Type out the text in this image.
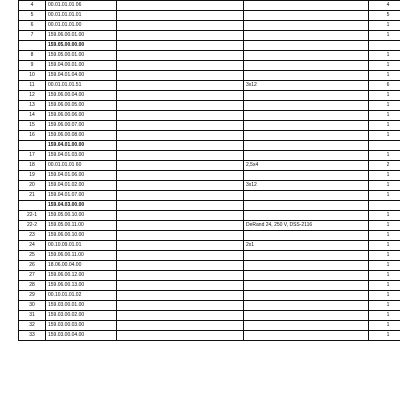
4	00.01.01.01 06			4
5	00.01.01.01.01			5
6	00.01.01.01.00			1
7	159.06.00.01.00			1
	159.05.00.00.00			
8	159.05.00.01.00			1
9	159.04.00.01.00			1
10	159.04.01.04.00			1
11	00.01.01.01.51		3x12	6
12	159.06.00.04.00			1
13	159.06.00.05.00			1
14	159.06.00.06.00			1
15	159.06.00.07.00			1
16	159.06.00.08.00			1
	159.04.01.00.00			
17	159.04.01.03.00			1
18	00.01.01.01 60		2,5x4	2
19	159.04.01.06.00			1
20	159.04.01.02.00		3x12	1
21	159.04.01.07.00			1
	159.04.03.00.00			
22-1	159.05.00.10.00			1
22-2	159.05.00.11.00		DeRand 24, 250 V, DSS-2116	1
23	159.06.00.10.00			1
24	00.10.09.01.01		2x1	1
25	159.06.00.11.00			1
26	18.06.00.04.00			1
27	159.06.00.12.00			1
28	159.06.00.13.00			1
29	00.10.01.01.02			1
30	159.03.00.01.00			1
31	159.03.00.02.00			1
32	159.03.00.03.00			1
33	159.03.00.04.00			1
